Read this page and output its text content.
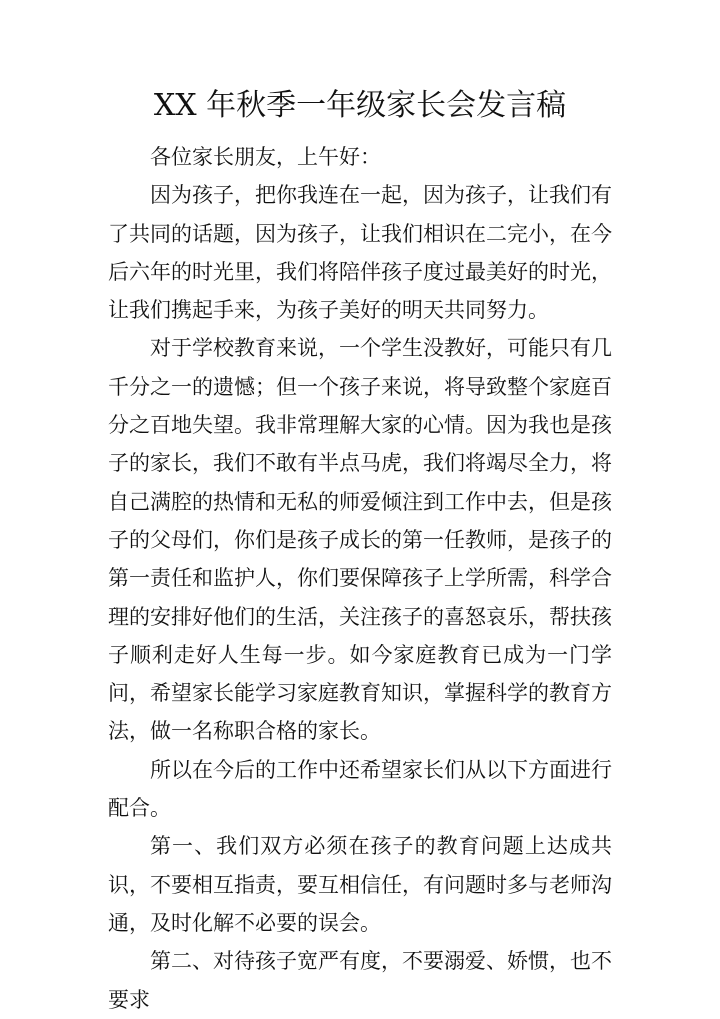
XX 年秋季一年级家长会发言稿

各位家长朋友，上午好：

因为孩子，把你我连在一起，因为孩子，让我们有了共同的话题，因为孩子，让我们相识在二完小，在今后六年的时光里，我们将陪伴孩子度过最美好的时光，让我们携起手来，为孩子美好的明天共同努力。

对于学校教育来说，一个学生没教好，可能只有几千分之一的遗憾；但一个孩子来说，将导致整个家庭百分之百地失望。我非常理解大家的心情。因为我也是孩子的家长，我们不敢有半点马虎，我们将竭尽全力，将自己满腔的热情和无私的师爱倾注到工作中去，但是孩子的父母们，你们是孩子成长的第一任教师，是孩子的第一责任和监护人，你们要保障孩子上学所需，科学合理的安排好他们的生活，关注孩子的喜怒哀乐，帮扶孩子顺利走好人生每一步。如今家庭教育已成为一门学问，希望家长能学习家庭教育知识，掌握科学的教育方法，做一名称职合格的家长。

所以在今后的工作中还希望家长们从以下方面进行配合。

第一、我们双方必须在孩子的教育问题上达成共识，不要相互指责，要互相信任，有问题时多与老师沟通，及时化解不必要的误会。

第二、对待孩子宽严有度，不要溺爱、娇惯，也不要求
